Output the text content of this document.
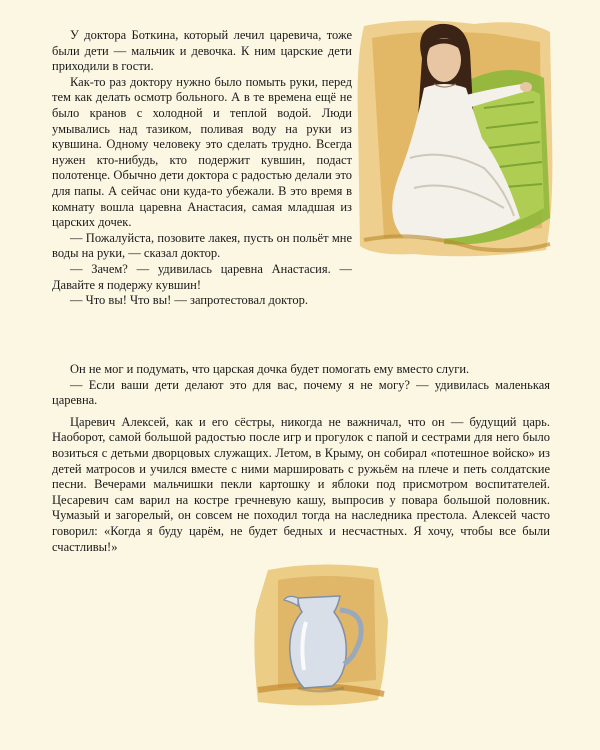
У доктора Боткина, который лечил царевича, тоже были дети — мальчик и девочка. К ним царские дети приходили в гости.

Как-то раз доктору нужно было помыть руки, перед тем как делать осмотр больного. А в те времена ещё не было кранов с холодной и теплой водой. Люди умывались над тазиком, поливая воду на руки из кувшина. Одному человеку это сделать трудно. Всегда нужен кто-нибудь, кто подержит кувшин, подаст полотенце. Обычно дети доктора с радостью делали это для папы. А сейчас они куда-то убежали. В это время в комнату вошла царевна Анастасия, самая младшая из царских дочек.

— Пожалуйста, позовите лакея, пусть он польёт мне воды на руки, — сказал доктор.

— Зачем? — удивилась царевна Анастасия. — Давайте я подержу кувшин!

— Что вы! Что вы! — запротестовал доктор.

Он не мог и подумать, что царская дочка будет помогать ему вместо слуги.

— Если ваши дети делают это для вас, почему я не могу? — удивилась маленькая царевна.

Царевич Алексей, как и его сёстры, никогда не важничал, что он — будущий царь. Наоборот, самой большой радостью после игр и прогулок с папой и сестрами для него было возиться с детьми дворцовых служащих. Летом, в Крыму, он собирал «потешное войско» из детей матросов и учился вместе с ними маршировать с ружьём на плече и петь солдатские песни. Вечерами мальчишки пекли картошку и яблоки под присмотром воспитателей. Цесаревич сам варил на костре гречневую кашу, выпросив у повара большой половник. Чумазый и загорелый, он совсем не походил тогда на наследника престола. Алексей часто говорил: «Когда я буду царём, не будет бедных и несчастных. Я хочу, чтобы все были счастливы!»
